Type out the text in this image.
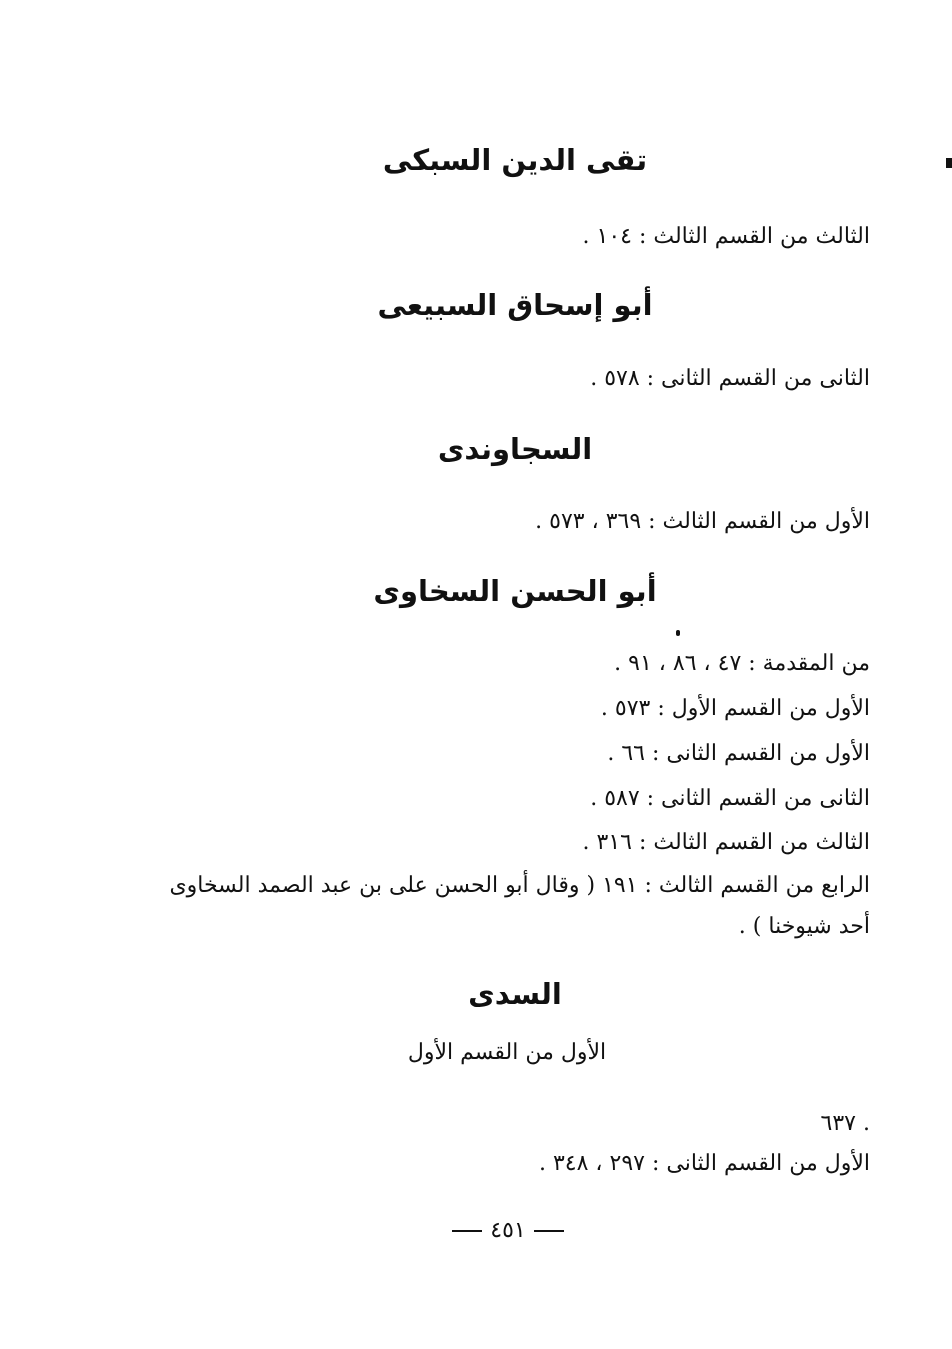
تقى الدين السبكى
الثالث من القسم الثالث : ١٠٤ .
أبو إسحاق السبيعى
الثانى من القسم الثانى : ٥٧٨ .
السجاوندى
الأول من القسم الثالث : ٣٦٩ ، ٥٧٣ .
أبو الحسن السخاوى
من المقدمة : ٤٧ ، ٨٦ ، ٩١ .
الأول من القسم الأول : ٥٧٣ .
الأول من القسم الثانى : ٦٦ .
الثانى من القسم الثانى : ٥٨٧ .
الثالث من القسم الثالث : ٣١٦ .
الرابع من القسم الثالث : ١٩١ ( وقال أبو الحسن على بن عبد الصمد السخاوى
أحد شيوخنا ) .
السدى
الأول من القسم الأول
٦٣٧ .
الأول من القسم الثانى : ٢٩٧ ، ٣٤٨ .
٤٥١
